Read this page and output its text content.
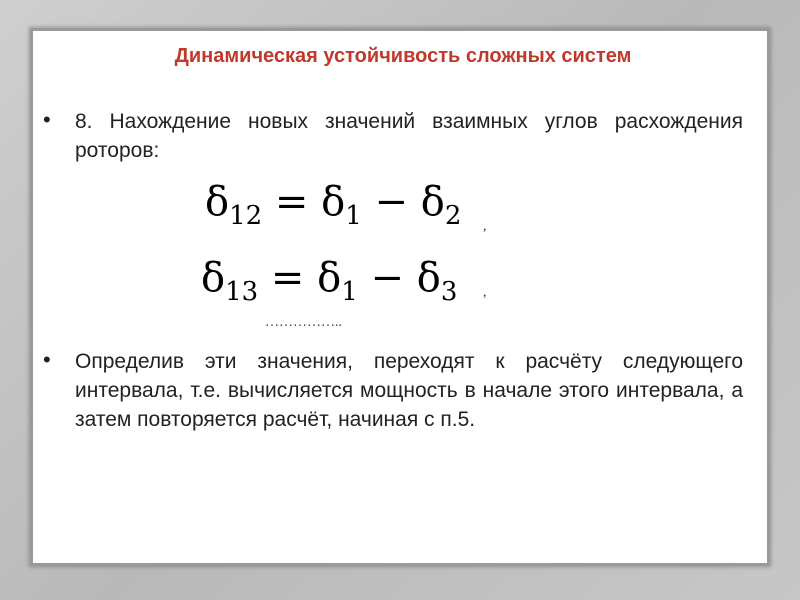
Динамическая устойчивость сложных систем
• 8. Нахождение новых значений взаимных углов расхождения роторов:
$\delta_{12} = \delta_1 - \delta_2$ ,
$\delta_{13} = \delta_1 - \delta_3$ ,
……………..
• Определив эти значения, переходят к расчёту следующего интервала, т.е. вычисляется мощность в начале этого интервала, а затем повторяется расчёт, начиная с п.5.
